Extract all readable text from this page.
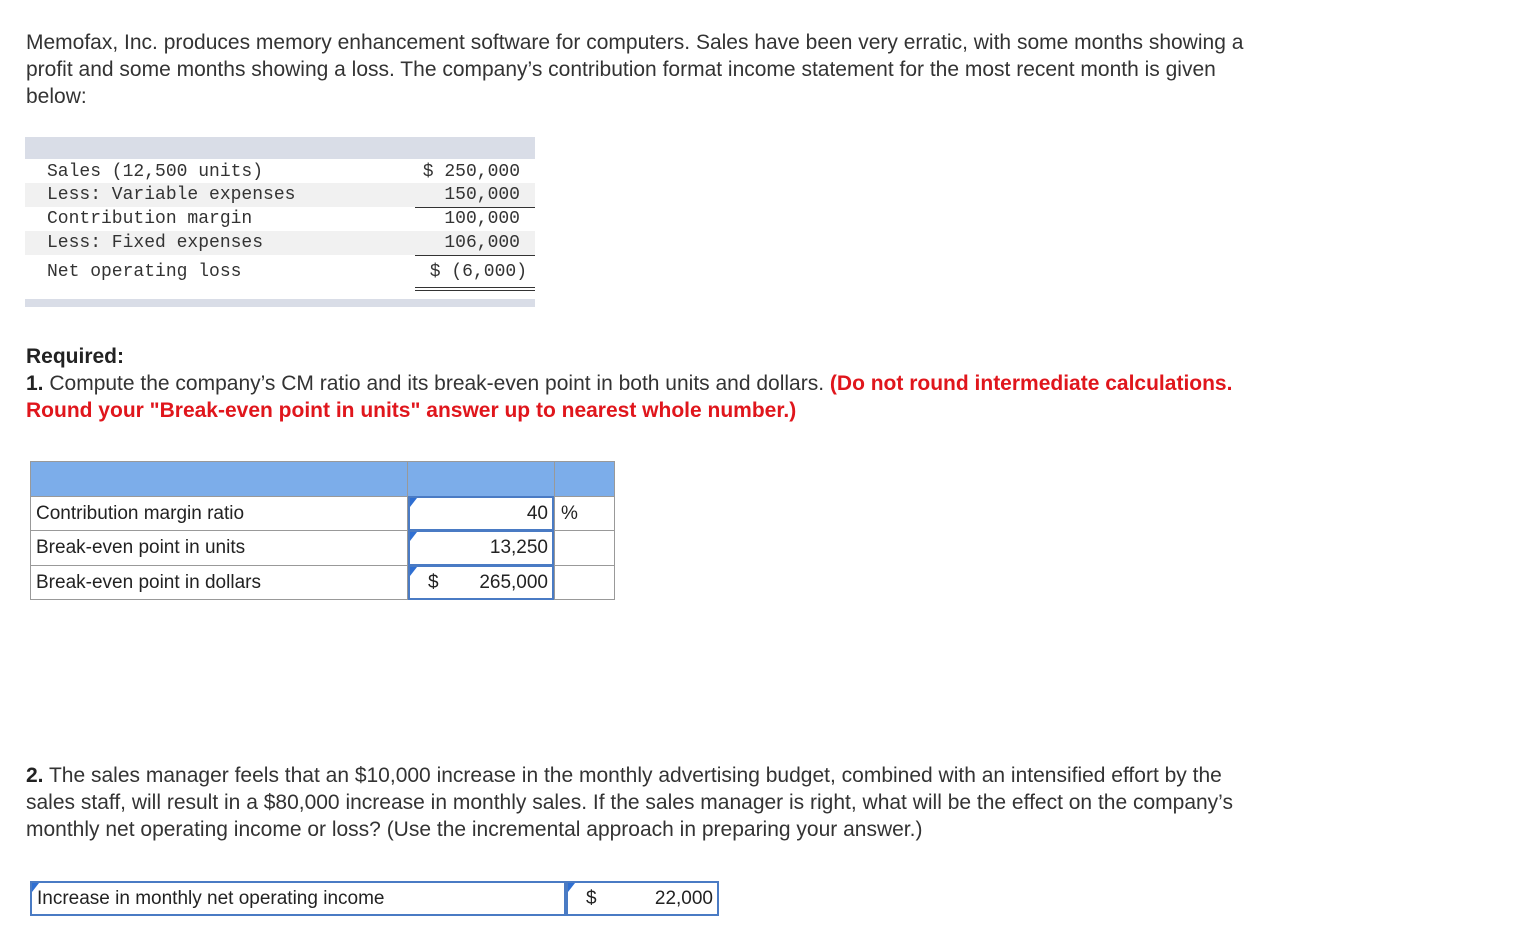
Memofax, Inc. produces memory enhancement software for computers. Sales have been very erratic, with some months showing a
profit and some months showing a loss. The company’s contribution format income statement for the most recent month is given
below:

Sales (12,500 units)	$ 250,000
Less: Variable expenses	150,000
Contribution margin	100,000
Less: Fixed expenses	106,000
Net operating loss	$ (6,000)

Required:
1. Compute the company’s CM ratio and its break-even point in both units and dollars. (Do not round intermediate calculations.
Round your "Break-even point in units" answer up to nearest whole number.)

Contribution margin ratio	40 %
Break-even point in units	13,250
Break-even point in dollars	$ 265,000

2. The sales manager feels that an $10,000 increase in the monthly advertising budget, combined with an intensified effort by the
sales staff, will result in a $80,000 increase in monthly sales. If the sales manager is right, what will be the effect on the company’s
monthly net operating income or loss? (Use the incremental approach in preparing your answer.)

Increase in monthly net operating income	$	22,000
